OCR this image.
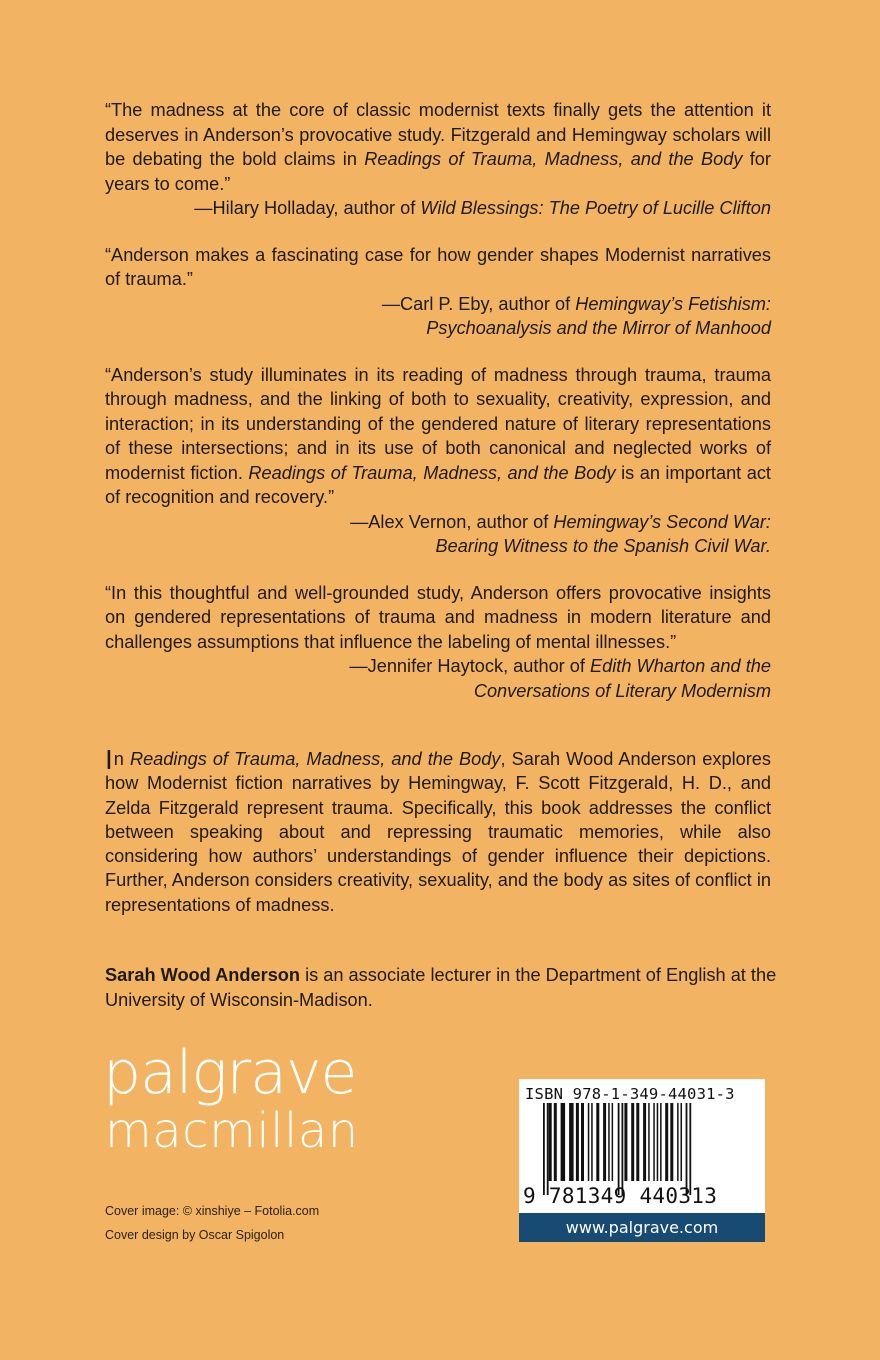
“The madness at the core of classic modernist texts finally gets the attention it deserves in Anderson’s provocative study. Fitzgerald and Hemingway scholars will be debating the bold claims in Readings of Trauma, Madness, and the Body for years to come.”

—Hilary Holladay, author of Wild Blessings: The Poetry of Lucille Clifton

“Anderson makes a fascinating case for how gender shapes Modernist narratives of trauma.”

—Carl P. Eby, author of Hemingway’s Fetishism:
Psychoanalysis and the Mirror of Manhood

“Anderson’s study illuminates in its reading of madness through trauma, trauma through madness, and the linking of both to sexuality, creativity, expression, and interaction; in its understanding of the gendered nature of literary representations of these intersections; and in its use of both canonical and neglected works of modernist fiction. Readings of Trauma, Madness, and the Body is an important act of recognition and recovery.”

—Alex Vernon, author of Hemingway’s Second War:
Bearing Witness to the Spanish Civil War.

“In this thoughtful and well-grounded study, Anderson offers provocative insights on gendered representations of trauma and madness in modern literature and challenges assumptions that influence the labeling of mental illnesses.”

—Jennifer Haytock, author of Edith Wharton and the
Conversations of Literary Modernism

In Readings of Trauma, Madness, and the Body, Sarah Wood Anderson explores how Modernist fiction narratives by Hemingway, F. Scott Fitzgerald, H. D., and Zelda Fitzgerald represent trauma. Specifically, this book addresses the conflict between speaking about and repressing traumatic memories, while also considering how authors’ understandings of gender influence their depictions. Further, Anderson considers creativity, sexuality, and the body as sites of conflict in representations of madness.

Sarah Wood Anderson is an associate lecturer in the Department of English at the University of Wisconsin-Madison.

palgrave
macmillan
Cover image: © xinshiye – Fotolia.com
Cover design by Oscar Spigolon
ISBN 978-1-349-44031-3
9 781349 440313
www.palgrave.com
